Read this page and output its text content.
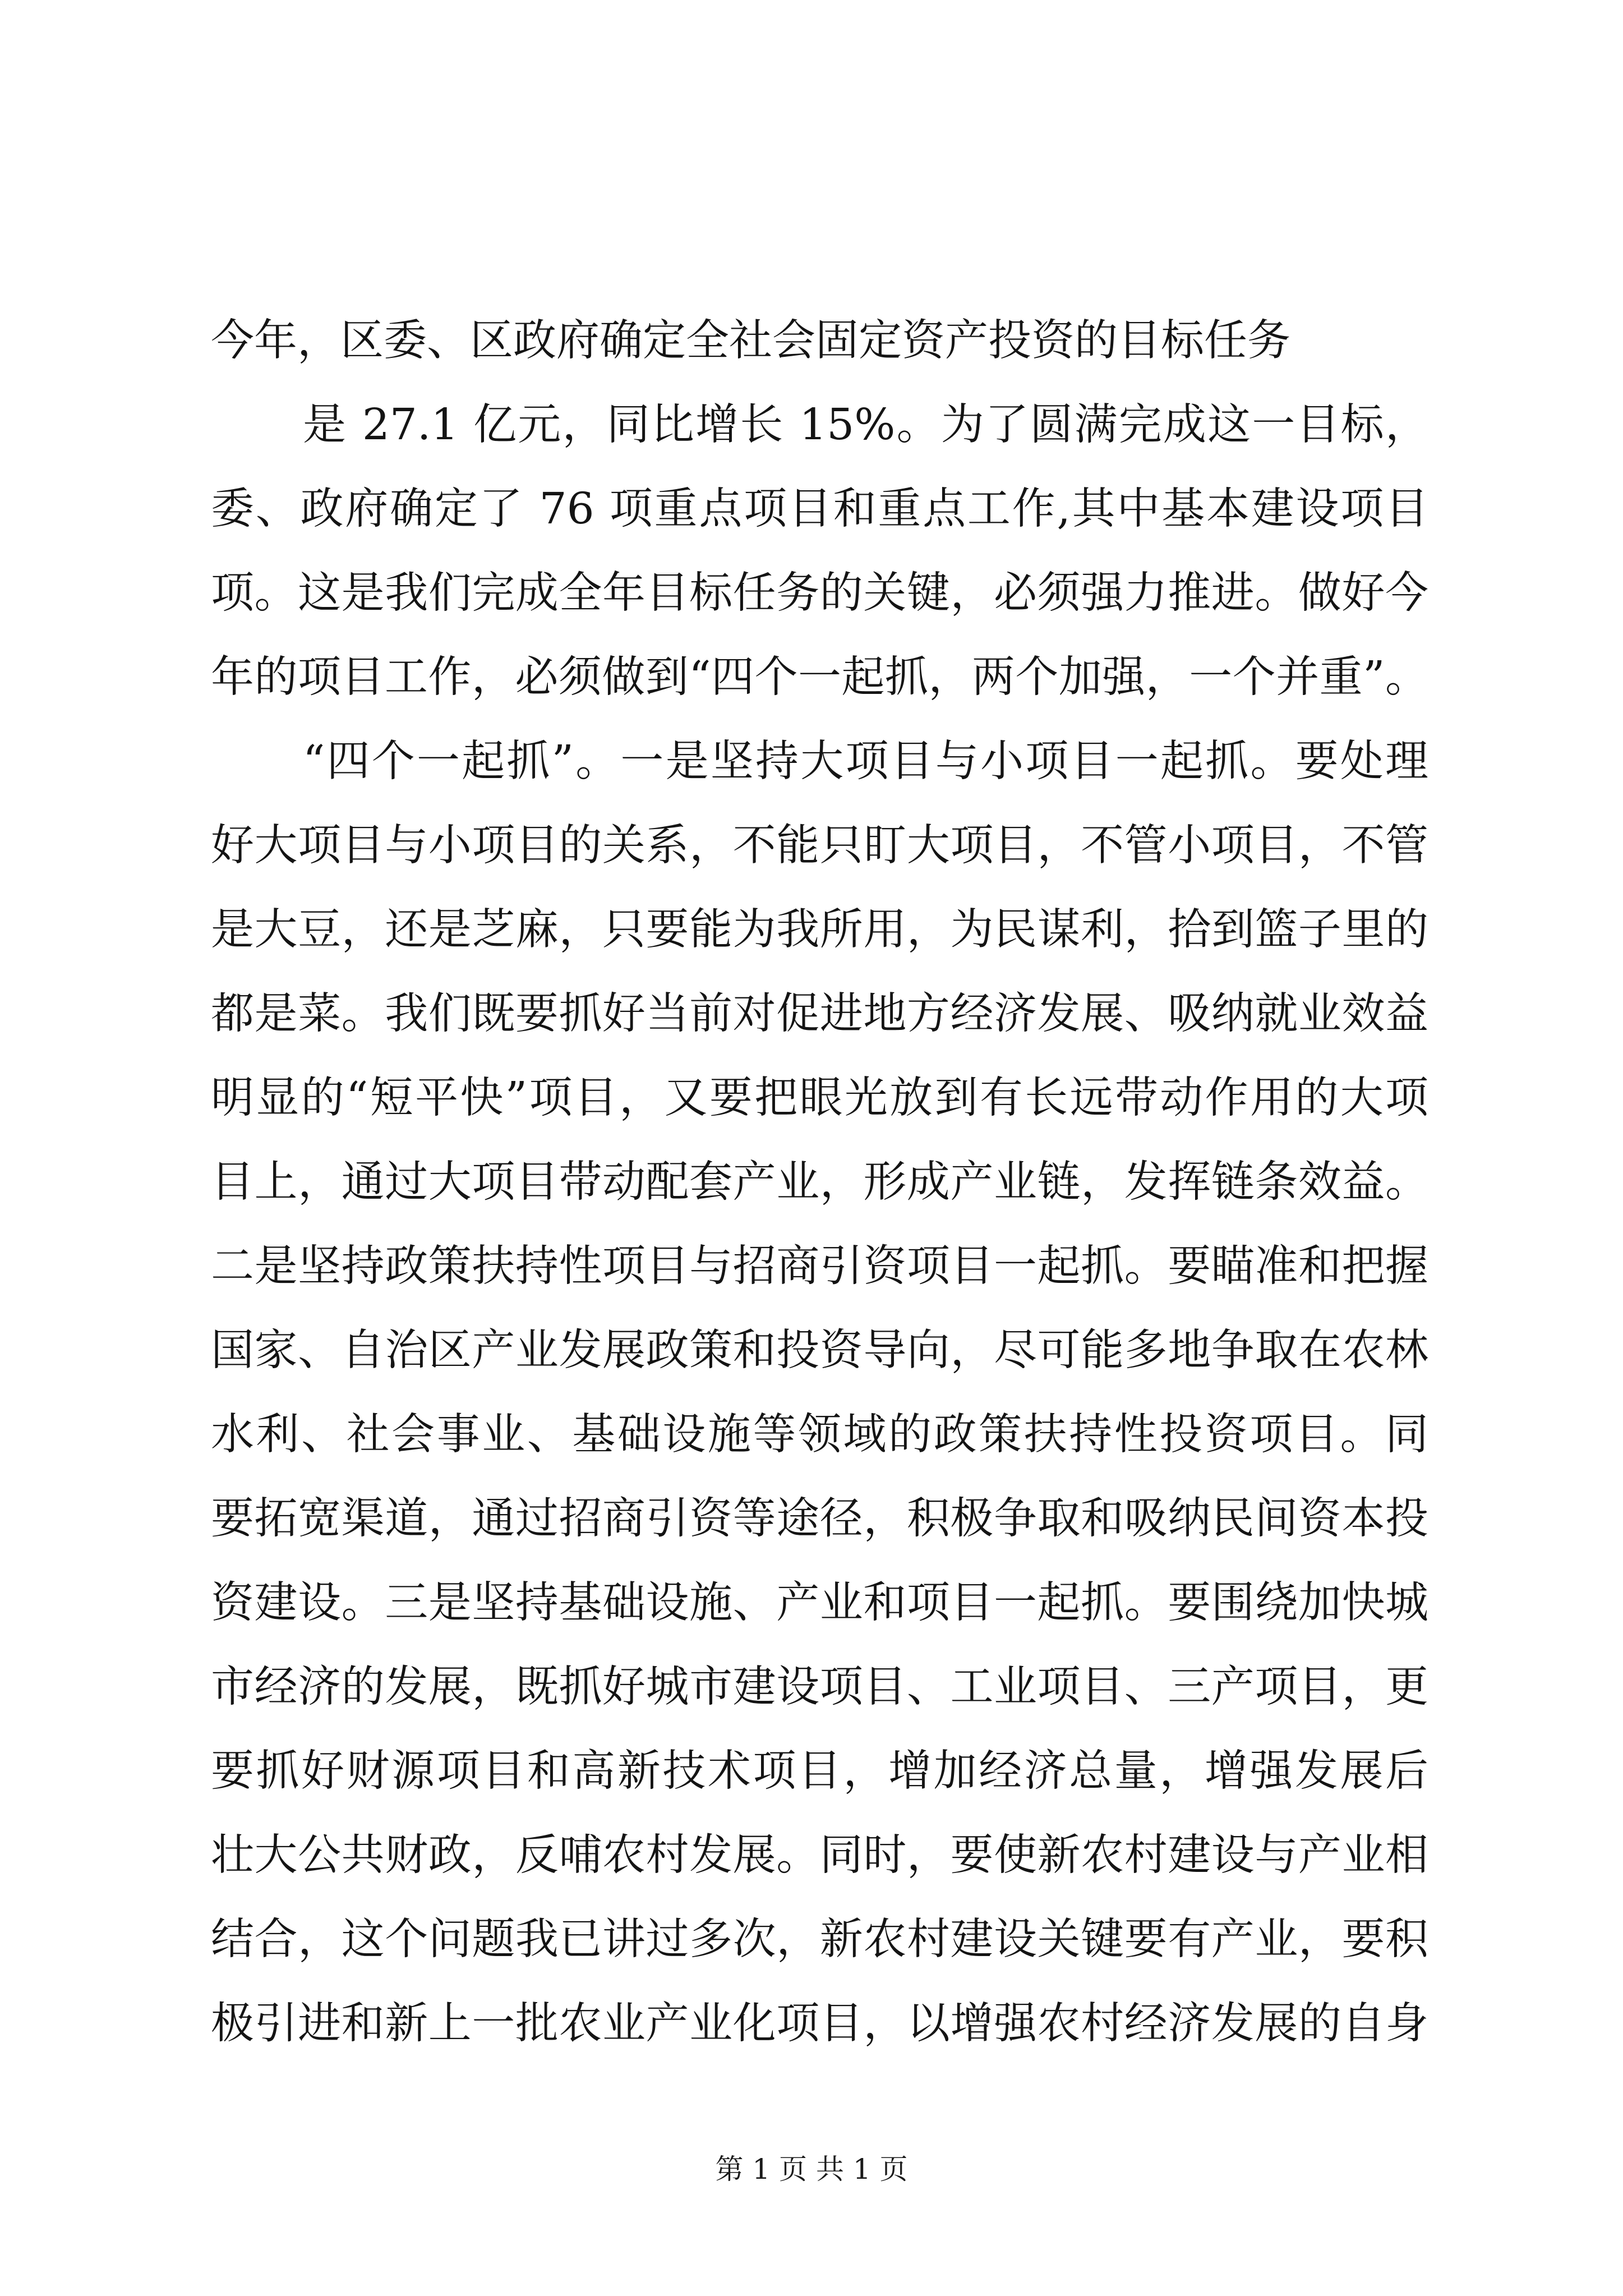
今年，区委、区政府确定全社会固定资产投资的目标任务
是 27.1 亿元，同比增长 15%。为了圆满完成这一目标，
委、政府确定了 76 项重点项目和重点工作,其中基本建设项目
项。这是我们完成全年目标任务的关键，必须强力推进。做好今
年的项目工作，必须做到“四个一起抓，两个加强，一个并重”。
“四个一起抓”。一是坚持大项目与小项目一起抓。要处理
好大项目与小项目的关系，不能只盯大项目，不管小项目，不管
是大豆，还是芝麻，只要能为我所用，为民谋利，拾到篮子里的
都是菜。我们既要抓好当前对促进地方经济发展、吸纳就业效益
明显的“短平快”项目，又要把眼光放到有长远带动作用的大项
目上，通过大项目带动配套产业，形成产业链，发挥链条效益。
二是坚持政策扶持性项目与招商引资项目一起抓。要瞄准和把握
国家、自治区产业发展政策和投资导向，尽可能多地争取在农林
水利、社会事业、基础设施等领域的政策扶持性投资项目。同
要拓宽渠道，通过招商引资等途径，积极争取和吸纳民间资本投
资建设。三是坚持基础设施、产业和项目一起抓。要围绕加快城
市经济的发展，既抓好城市建设项目、工业项目、三产项目，更
要抓好财源项目和高新技术项目，增加经济总量，增强发展后
壮大公共财政，反哺农村发展。同时，要使新农村建设与产业相
结合，这个问题我已讲过多次，新农村建设关键要有产业，要积
极引进和新上一批农业产业化项目，以增强农村经济发展的自身
第 1 页 共 1 页
